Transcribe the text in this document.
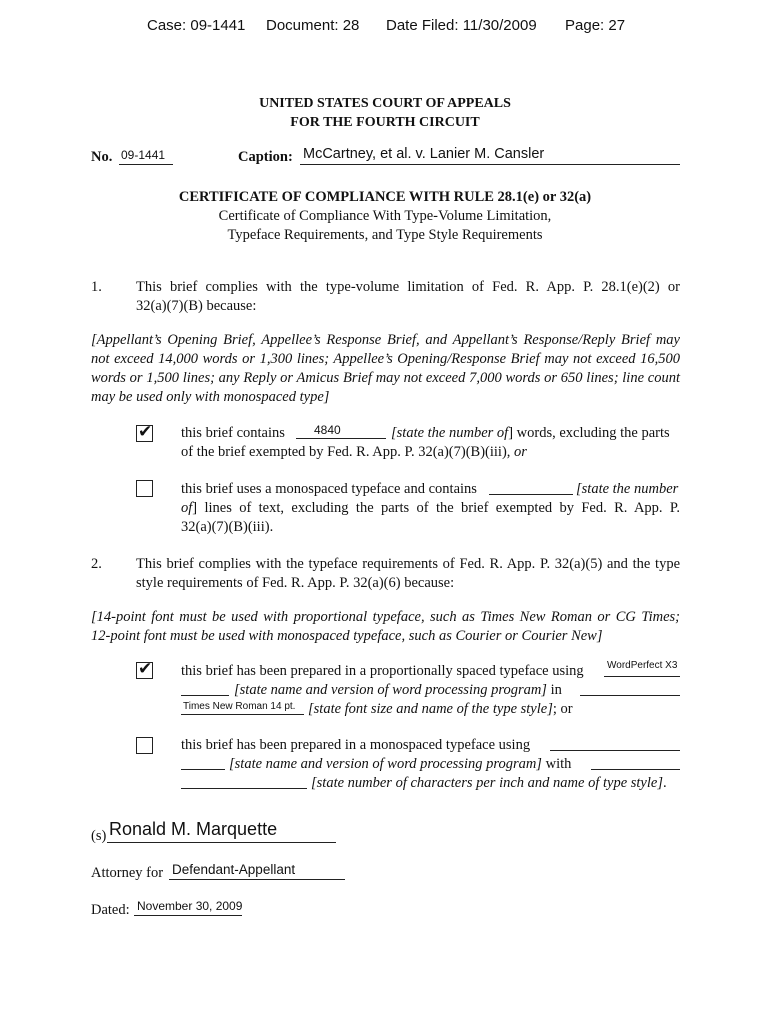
Case: 09-1441 Document: 28 Date Filed: 11/30/2009 Page: 27
UNITED STATES COURT OF APPEALS
FOR THE FOURTH CIRCUIT
No. 09-1441	Caption: McCartney, et al. v. Lanier M. Cansler
CERTIFICATE OF COMPLIANCE WITH RULE 28.1(e) or 32(a)
Certificate of Compliance With Type-Volume Limitation,
Typeface Requirements, and Type Style Requirements
1. This brief complies with the type-volume limitation of Fed. R. App. P. 28.1(e)(2) or
32(a)(7)(B) because:
[Appellant’s Opening Brief, Appellee’s Response Brief, and Appellant’s Response/Reply Brief may
not exceed 14,000 words or 1,300 lines; Appellee’s Opening/Response Brief may not exceed 16,500
words or 1,500 lines; any Reply or Amicus Brief may not exceed 7,000 words or 650 lines; line count
may be used only with monospaced type]
✔ this brief contains	4840	[state the number of] words, excluding the parts
of the brief exempted by Fed. R. App. P. 32(a)(7)(B)(iii), or
this brief uses a monospaced typeface and contains	[state the number
of] lines of text, excluding the parts of the brief exempted by Fed. R. App. P.
32(a)(7)(B)(iii).
2. This brief complies with the typeface requirements of Fed. R. App. P. 32(a)(5) and the type
style requirements of Fed. R. App. P. 32(a)(6) because:
[14-point font must be used with proportional typeface, such as Times New Roman or CG Times;
12-point font must be used with monospaced typeface, such as Courier or Courier New]
✔ this brief has been prepared in a proportionally spaced typeface using WordPerfect X3
[state name and version of word processing program] in
Times New Roman 14 pt. [state font size and name of the type style]; or
this brief has been prepared in a monospaced typeface using
[state name and version of word processing program] with
[state number of characters per inch and name of type style].
(s) Ronald M. Marquette
Attorney for Defendant-Appellant
Dated: November 30, 2009
